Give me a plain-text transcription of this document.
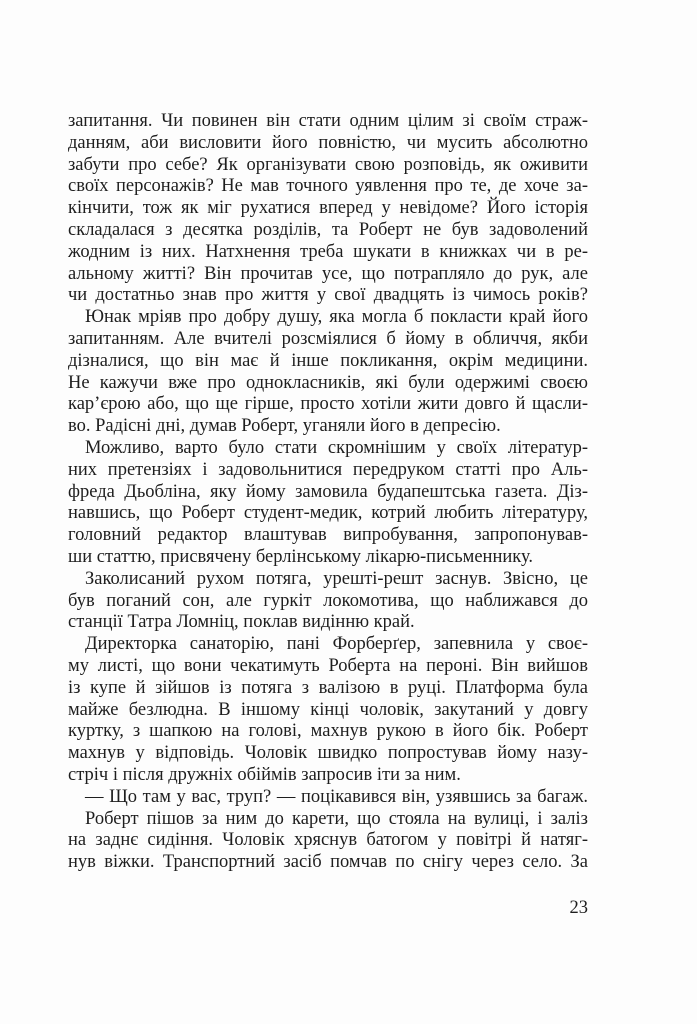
запитання. Чи повинен він стати одним цілим зі своїм страж-
данням, аби висловити його повністю, чи мусить абсолютно
забути про себе? Як організувати свою розповідь, як оживити
своїх персонажів? Не мав точного уявлення про те, де хоче за-
кінчити, тож як міг рухатися вперед у невідоме? Його історія
складалася з десятка розділів, та Роберт не був задоволений
жодним із них. Натхнення треба шукати в книжках чи в ре-
альному житті? Він прочитав усе, що потрапляло до рук, але
чи достатньо знав про життя у свої двадцять із чимось років?
Юнак мріяв про добру душу, яка могла б покласти край його
запитанням. Але вчителі розсміялися б йому в обличчя, якби
дізналися, що він має й інше покликання, окрім медицини.
Не кажучи вже про однокласників, які були одержимі своєю
кар’єрою або, що ще гірше, просто хотіли жити довго й щасли-
во. Радісні дні, думав Роберт, уганяли його в депресію.
Можливо, варто було стати скромнішим у своїх літератур-
них претензіях і задовольнитися передруком статті про Аль-
фреда Дьобліна, яку йому замовила будапештська газета. Діз-
навшись, що Роберт студент-медик, котрий любить літературу,
головний редактор влаштував випробування, запропонував-
ши статтю, присвячену берлінському лікарю-письменнику.
Заколисаний рухом потяга, урешті-решт заснув. Звісно, це
був поганий сон, але гуркіт локомотива, що наближався до
станції Татра Ломніц, поклав видінню край.
Директорка санаторію, пані Форберґер, запевнила у своє-
му листі, що вони чекатимуть Роберта на пероні. Він вийшов
із купе й зійшов із потяга з валізою в руці. Платформа була
майже безлюдна. В іншому кінці чоловік, закутаний у довгу
куртку, з шапкою на голові, махнув рукою в його бік. Роберт
махнув у відповідь. Чоловік швидко попростував йому назу-
стріч і після дружніх обіймів запросив іти за ним.
— Що там у вас, труп? — поцікавився він, узявшись за багаж.
Роберт пішов за ним до карети, що стояла на вулиці, і заліз
на заднє сидіння. Чоловік хряснув батогом у повітрі й натяг-
нув віжки. Транспортний засіб помчав по снігу через село. За
23
